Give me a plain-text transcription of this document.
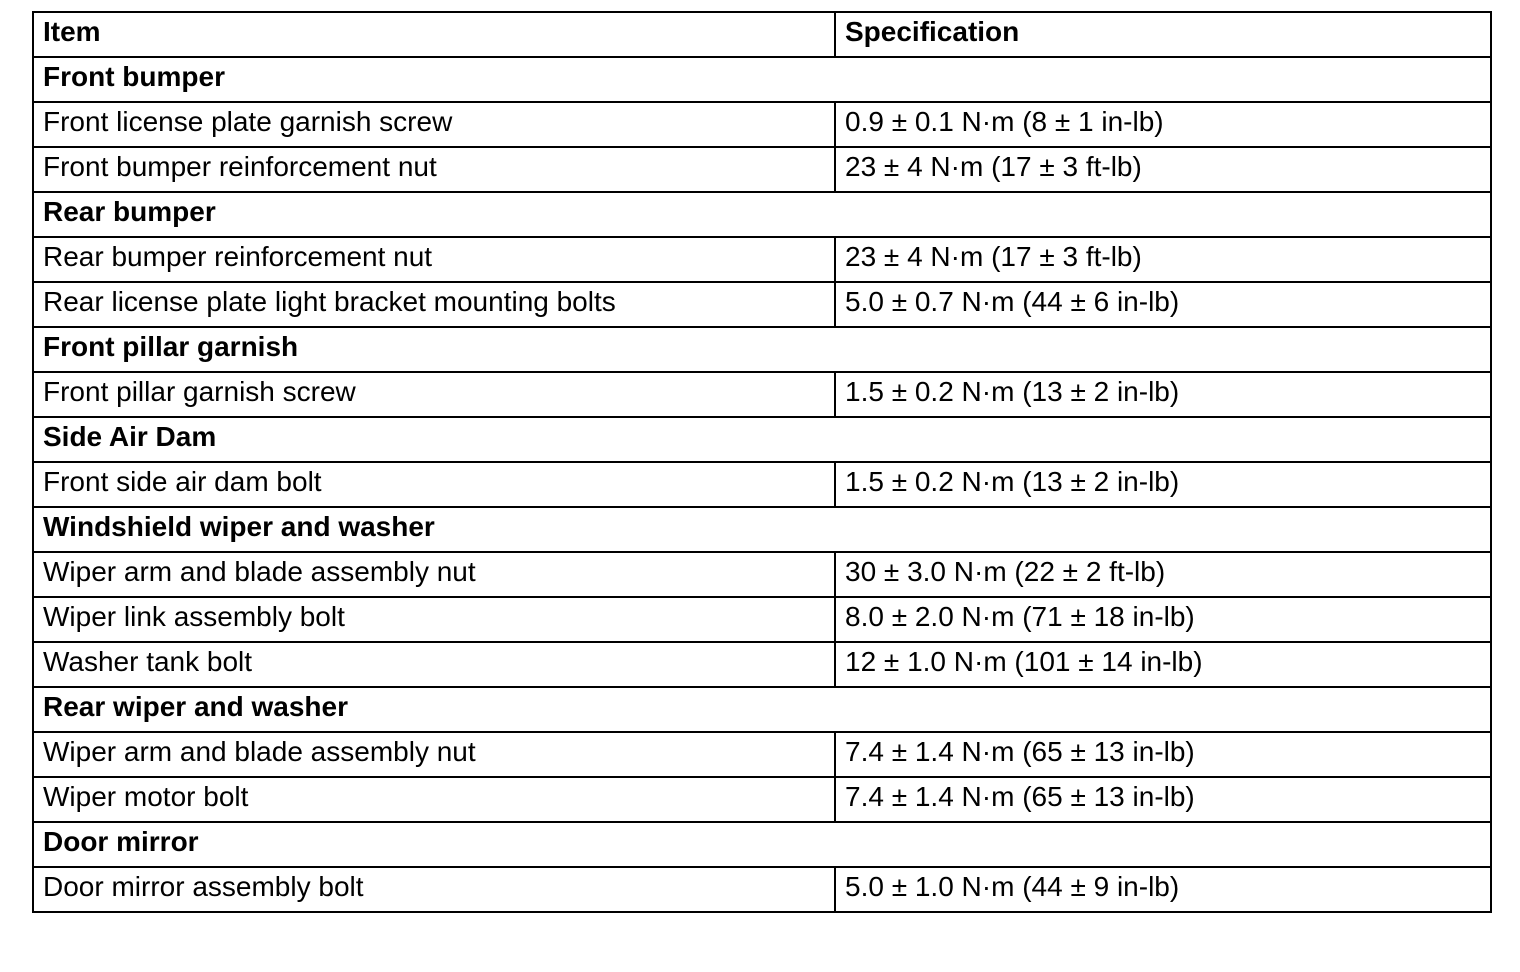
Item	Specification
Front bumper	
Front license plate garnish screw	0.9 ± 0.1 N·m (8 ± 1 in-lb)
Front bumper reinforcement nut	23 ± 4 N·m (17 ± 3 ft-lb)
Rear bumper	
Rear bumper reinforcement nut	23 ± 4 N·m (17 ± 3 ft-lb)
Rear license plate light bracket mounting bolts	5.0 ± 0.7 N·m (44 ± 6 in-lb)
Front pillar garnish	
Front pillar garnish screw	1.5 ± 0.2 N·m (13 ± 2 in-lb)
Side Air Dam	
Front side air dam bolt	1.5 ± 0.2 N·m (13 ± 2 in-lb)
Windshield wiper and washer	
Wiper arm and blade assembly nut	30 ± 3.0 N·m (22 ± 2 ft-lb)
Wiper link assembly bolt	8.0 ± 2.0 N·m (71 ± 18 in-lb)
Washer tank bolt	12 ± 1.0 N·m (101 ± 14 in-lb)
Rear wiper and washer	
Wiper arm and blade assembly nut	7.4 ± 1.4 N·m (65 ± 13 in-lb)
Wiper motor bolt	7.4 ± 1.4 N·m (65 ± 13 in-lb)
Door mirror	
Door mirror assembly bolt	5.0 ± 1.0 N·m (44 ± 9 in-lb)
